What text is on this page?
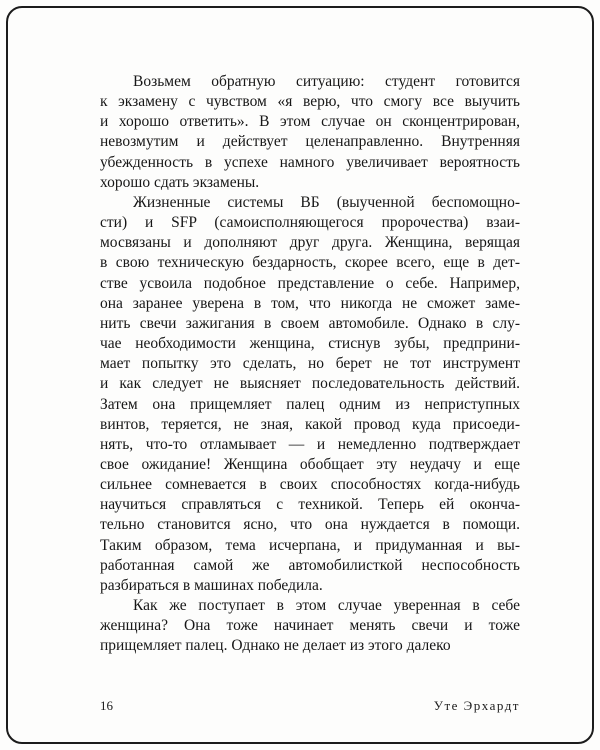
Возьмем обратную ситуацию: студент готовится
к экзамену с чувством «я верю, что смогу все выучить
и хорошо ответить». В этом случае он сконцентрирован,
невозмутим и действует целенаправленно. Внутренняя
убежденность в успехе намного увеличивает вероятность
хорошо сдать экзамены.
Жизненные системы ВБ (выученной беспомощно-
сти) и SFP (самоисполняющегося пророчества) взаи-
мосвязаны и дополняют друг друга. Женщина, верящая
в свою техническую бездарность, скорее всего, еще в дет-
стве усвоила подобное представление о себе. Например,
она заранее уверена в том, что никогда не сможет заме-
нить свечи зажигания в своем автомобиле. Однако в слу-
чае необходимости женщина, стиснув зубы, предприни-
мает попытку это сделать, но берет не тот инструмент
и как следует не выясняет последовательность действий.
Затем она прищемляет палец одним из неприступных
винтов, теряется, не зная, какой провод куда присоеди-
нять, что-то отламывает — и немедленно подтверждает
свое ожидание! Женщина обобщает эту неудачу и еще
сильнее сомневается в своих способностях когда-нибудь
научиться справляться с техникой. Теперь ей оконча-
тельно становится ясно, что она нуждается в помощи.
Таким образом, тема исчерпана, и придуманная и вы-
работанная самой же автомобилисткой неспособность
разбираться в машинах победила.
Как же поступает в этом случае уверенная в себе
женщина? Она тоже начинает менять свечи и тоже
прищемляет палец. Однако не делает из этого далеко
16	Уте Эрхардт
